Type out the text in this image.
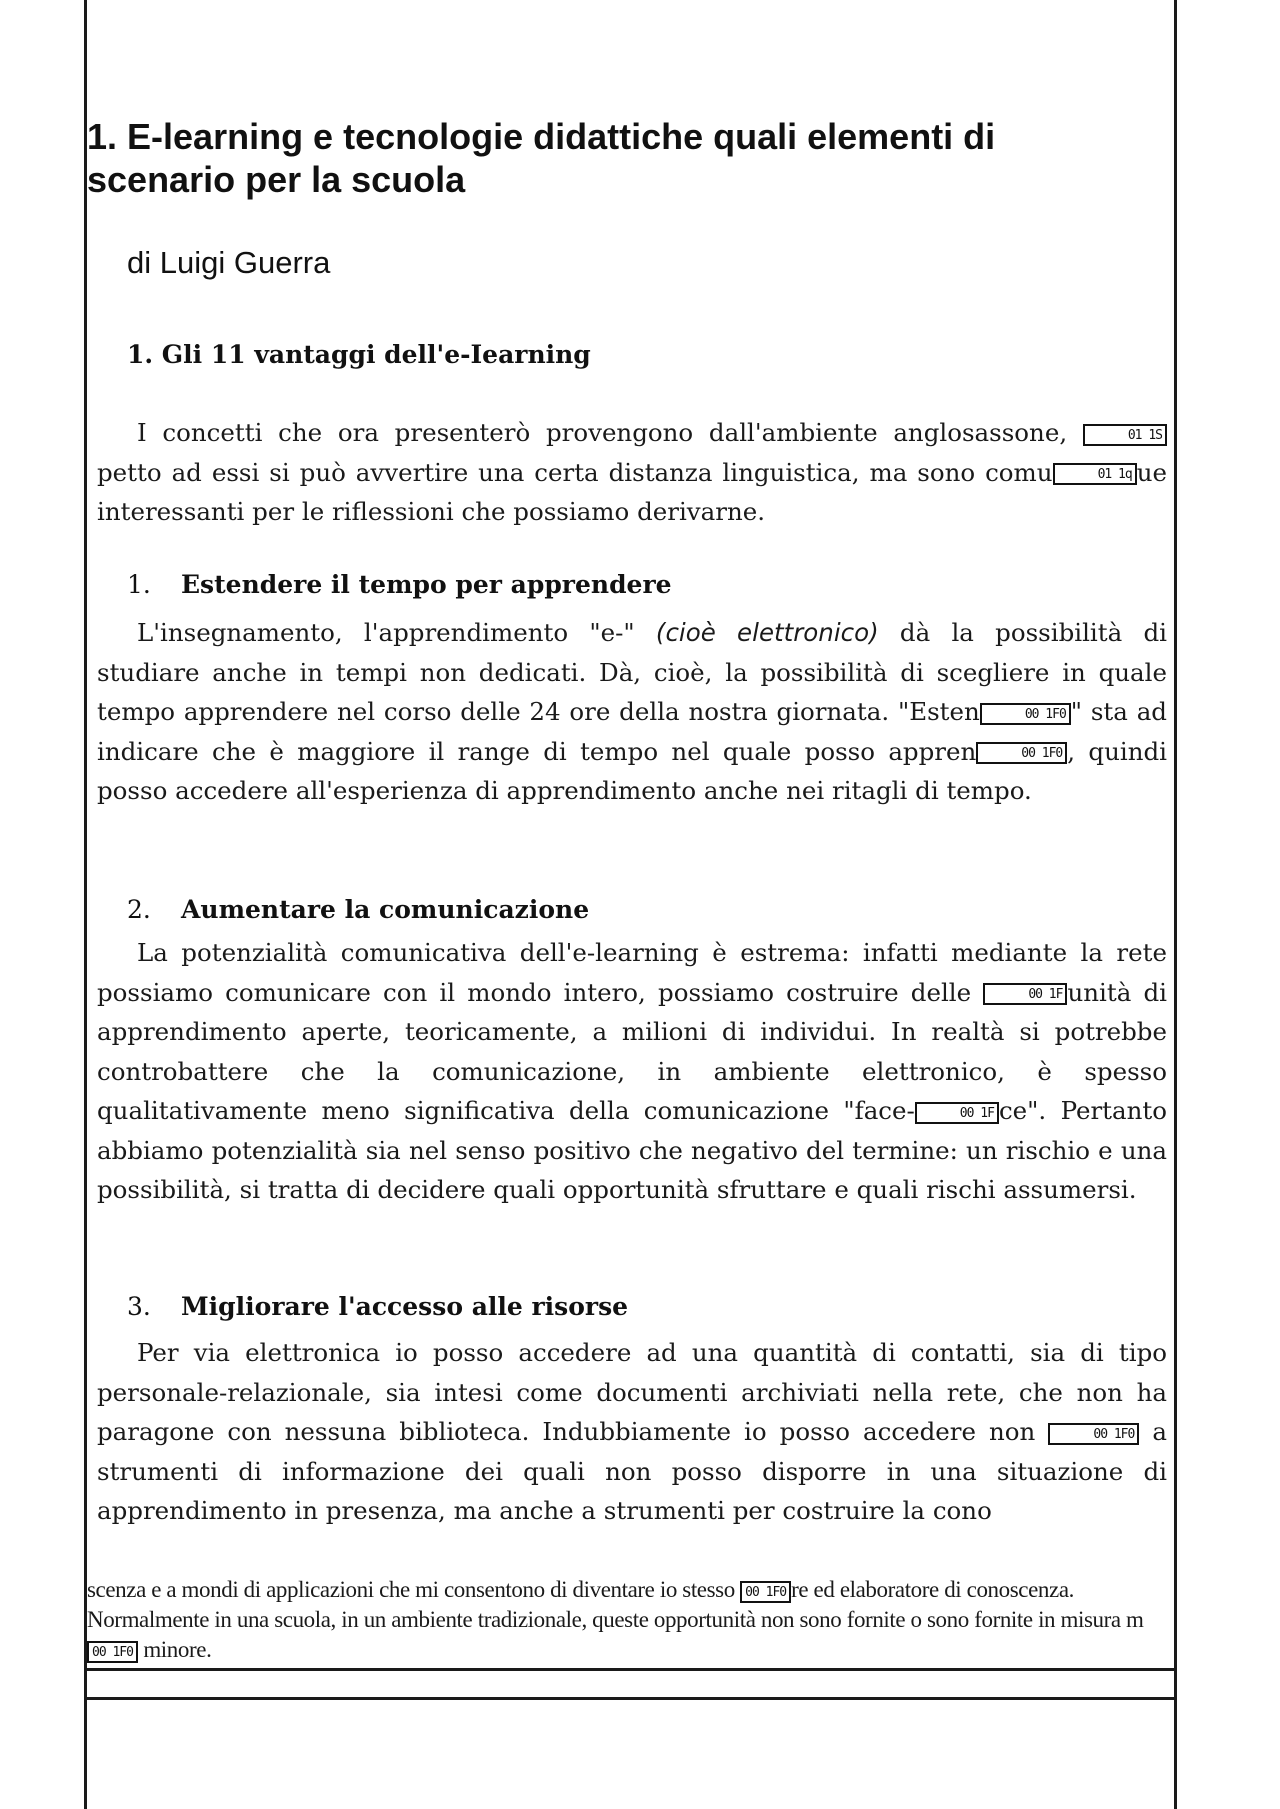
1. E-learning e tecnologie didattiche quali elementi di scenario per la scuola
di Luigi Guerra
1. Gli 11 vantaggi dell'e-Iearning
I concetti che ora presenterò provengono dall'ambiente anglosassone,	01 1Spetto ad essi si può avvertire una certa distanza linguistica, ma sono comu	01 1q ue interessanti per le riflessioni che possiamo derivarne.
1. Estendere il tempo per apprendere
L'insegnamento, l'apprendimento "e-" (cioè elettronico) dà la possibilità di studiare anche in tempi non dedicati. Dà, cioè, la possibilità di scegliere in quale tempo apprendere nel corso delle 24 ore della nostra giornata. "Esten	00 1F0 " sta ad indicare che è maggiore il range di tempo nel quale posso appren	00 1F0 , quindi posso accedere all'esperienza di apprendimento anche nei ritagli di tempo.
2. Aumentare la comunicazione
La potenzialità comunicativa dell'e-learning è estrema: infatti mediante la rete possiamo comunicare con il mondo intero, possiamo costruire delle	00 1F unità di apprendimento aperte, teoricamente, a milioni di individui. In realtà si potrebbe controbattere che la comunicazione, in ambiente elettronico, è spesso qualitativamente meno significativa della comunicazione "face-	00 1F ce". Pertanto abbiamo potenzialità sia nel senso positivo che negativo del termine: un rischio e una possibilità, si tratta di decidere quali opportunità sfruttare e quali rischi assumersi.
3. Migliorare l'accesso alle risorse
Per via elettronica io posso accedere ad una quantità di contatti, sia di tipo personale-relazionale, sia intesi come documenti archiviati nella rete, che non ha paragone con nessuna biblioteca. Indubbiamente io posso accedere non	00 1F0 a strumenti di informazione dei quali non posso disporre in una situazione di apprendimento in presenza, ma anche a strumenti per costruire la cono
scenza e a mondi di applicazioni che mi consentono di diventare io stesso 00 1F0 re ed elaboratore di conoscenza. Normalmente in una scuola, in un ambiente tradizionale, queste opportunità non sono fornite o sono fornite in misura m00 1F0 minore.
